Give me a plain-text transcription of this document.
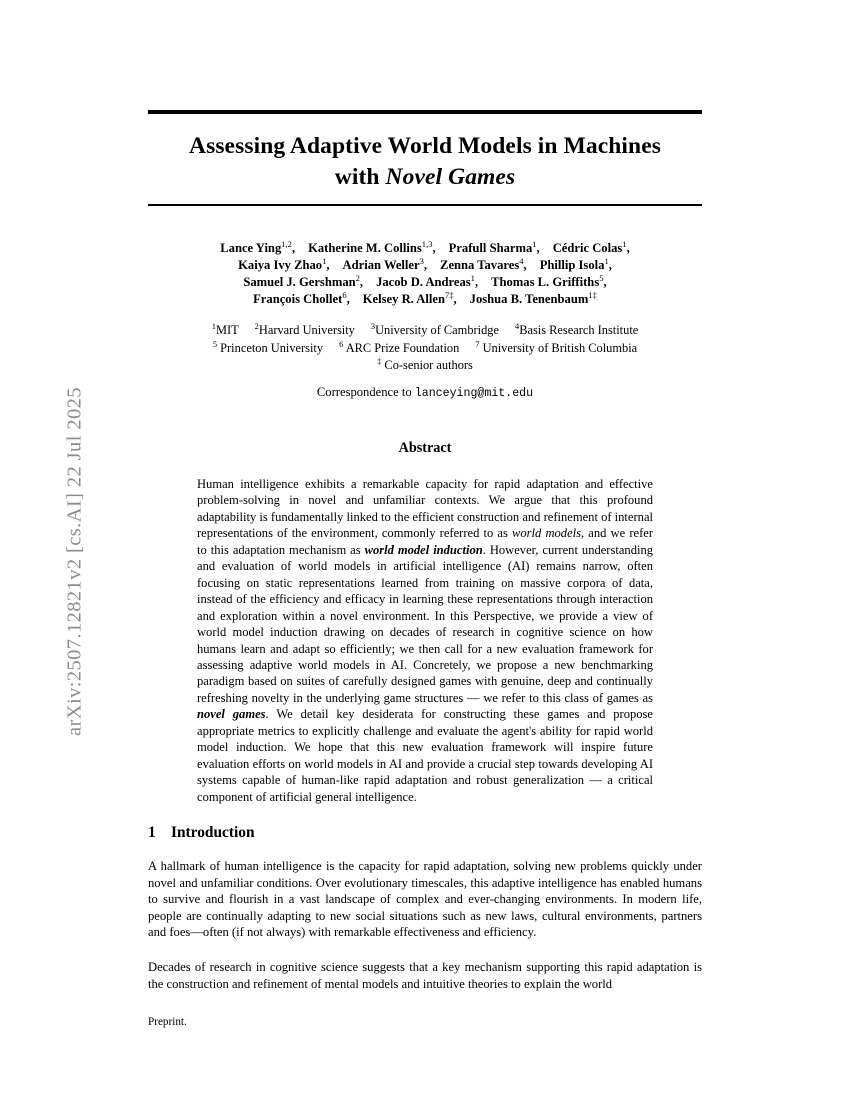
arXiv:2507.12821v2 [cs.AI] 22 Jul 2025
Assessing Adaptive World Models in Machines
with Novel Games
Lance Ying$^{1,2}$, Katherine M. Collins$^{1,3}$, Prafull Sharma$^1$, Cédric Colas$^1$,
Kaiya Ivy Zhao$^1$, Adrian Weller$^3$, Zenna Tavares$^4$, Phillip Isola$^1$,
Samuel J. Gershman$^2$, Jacob D. Andreas$^1$, Thomas L. Griffiths$^5$,
François Chollet$^6$, Kelsey R. Allen$^{7\ddagger}$, Joshua B. Tenenbaum$^{1\ddagger}$
$^1$MIT $^2$Harvard University $^3$University of Cambridge $^4$Basis Research Institute
$^5$ Princeton University $^6$ ARC Prize Foundation $^7$ University of British Columbia
‡ Co-senior authors
Correspondence to lanceying@mit.edu
Abstract
Human intelligence exhibits a remarkable capacity for rapid adaptation and effective problem-solving in novel and unfamiliar contexts. We argue that this profound adaptability is fundamentally linked to the efficient construction and refinement of internal representations of the environment, commonly referred to as world models, and we refer to this adaptation mechanism as world model induction. However, current understanding and evaluation of world models in artificial intelligence (AI) remains narrow, often focusing on static representations learned from training on massive corpora of data, instead of the efficiency and efficacy in learning these representations through interaction and exploration within a novel environment. In this Perspective, we provide a view of world model induction drawing on decades of research in cognitive science on how humans learn and adapt so efficiently; we then call for a new evaluation framework for assessing adaptive world models in AI. Concretely, we propose a new benchmarking paradigm based on suites of carefully designed games with genuine, deep and continually refreshing novelty in the underlying game structures — we refer to this class of games as novel games. We detail key desiderata for constructing these games and propose appropriate metrics to explicitly challenge and evaluate the agent's ability for rapid world model induction. We hope that this new evaluation framework will inspire future evaluation efforts on world models in AI and provide a crucial step towards developing AI systems capable of human-like rapid adaptation and robust generalization — a critical component of artificial general intelligence.
1 Introduction
A hallmark of human intelligence is the capacity for rapid adaptation, solving new problems quickly under novel and unfamiliar conditions. Over evolutionary timescales, this adaptive intelligence has enabled humans to survive and flourish in a vast landscape of complex and ever-changing environments. In modern life, people are continually adapting to new social situations such as new laws, cultural environments, partners and foes—often (if not always) with remarkable effectiveness and efficiency.
Decades of research in cognitive science suggests that a key mechanism supporting this rapid adaptation is the construction and refinement of mental models and intuitive theories to explain the world
Preprint.
